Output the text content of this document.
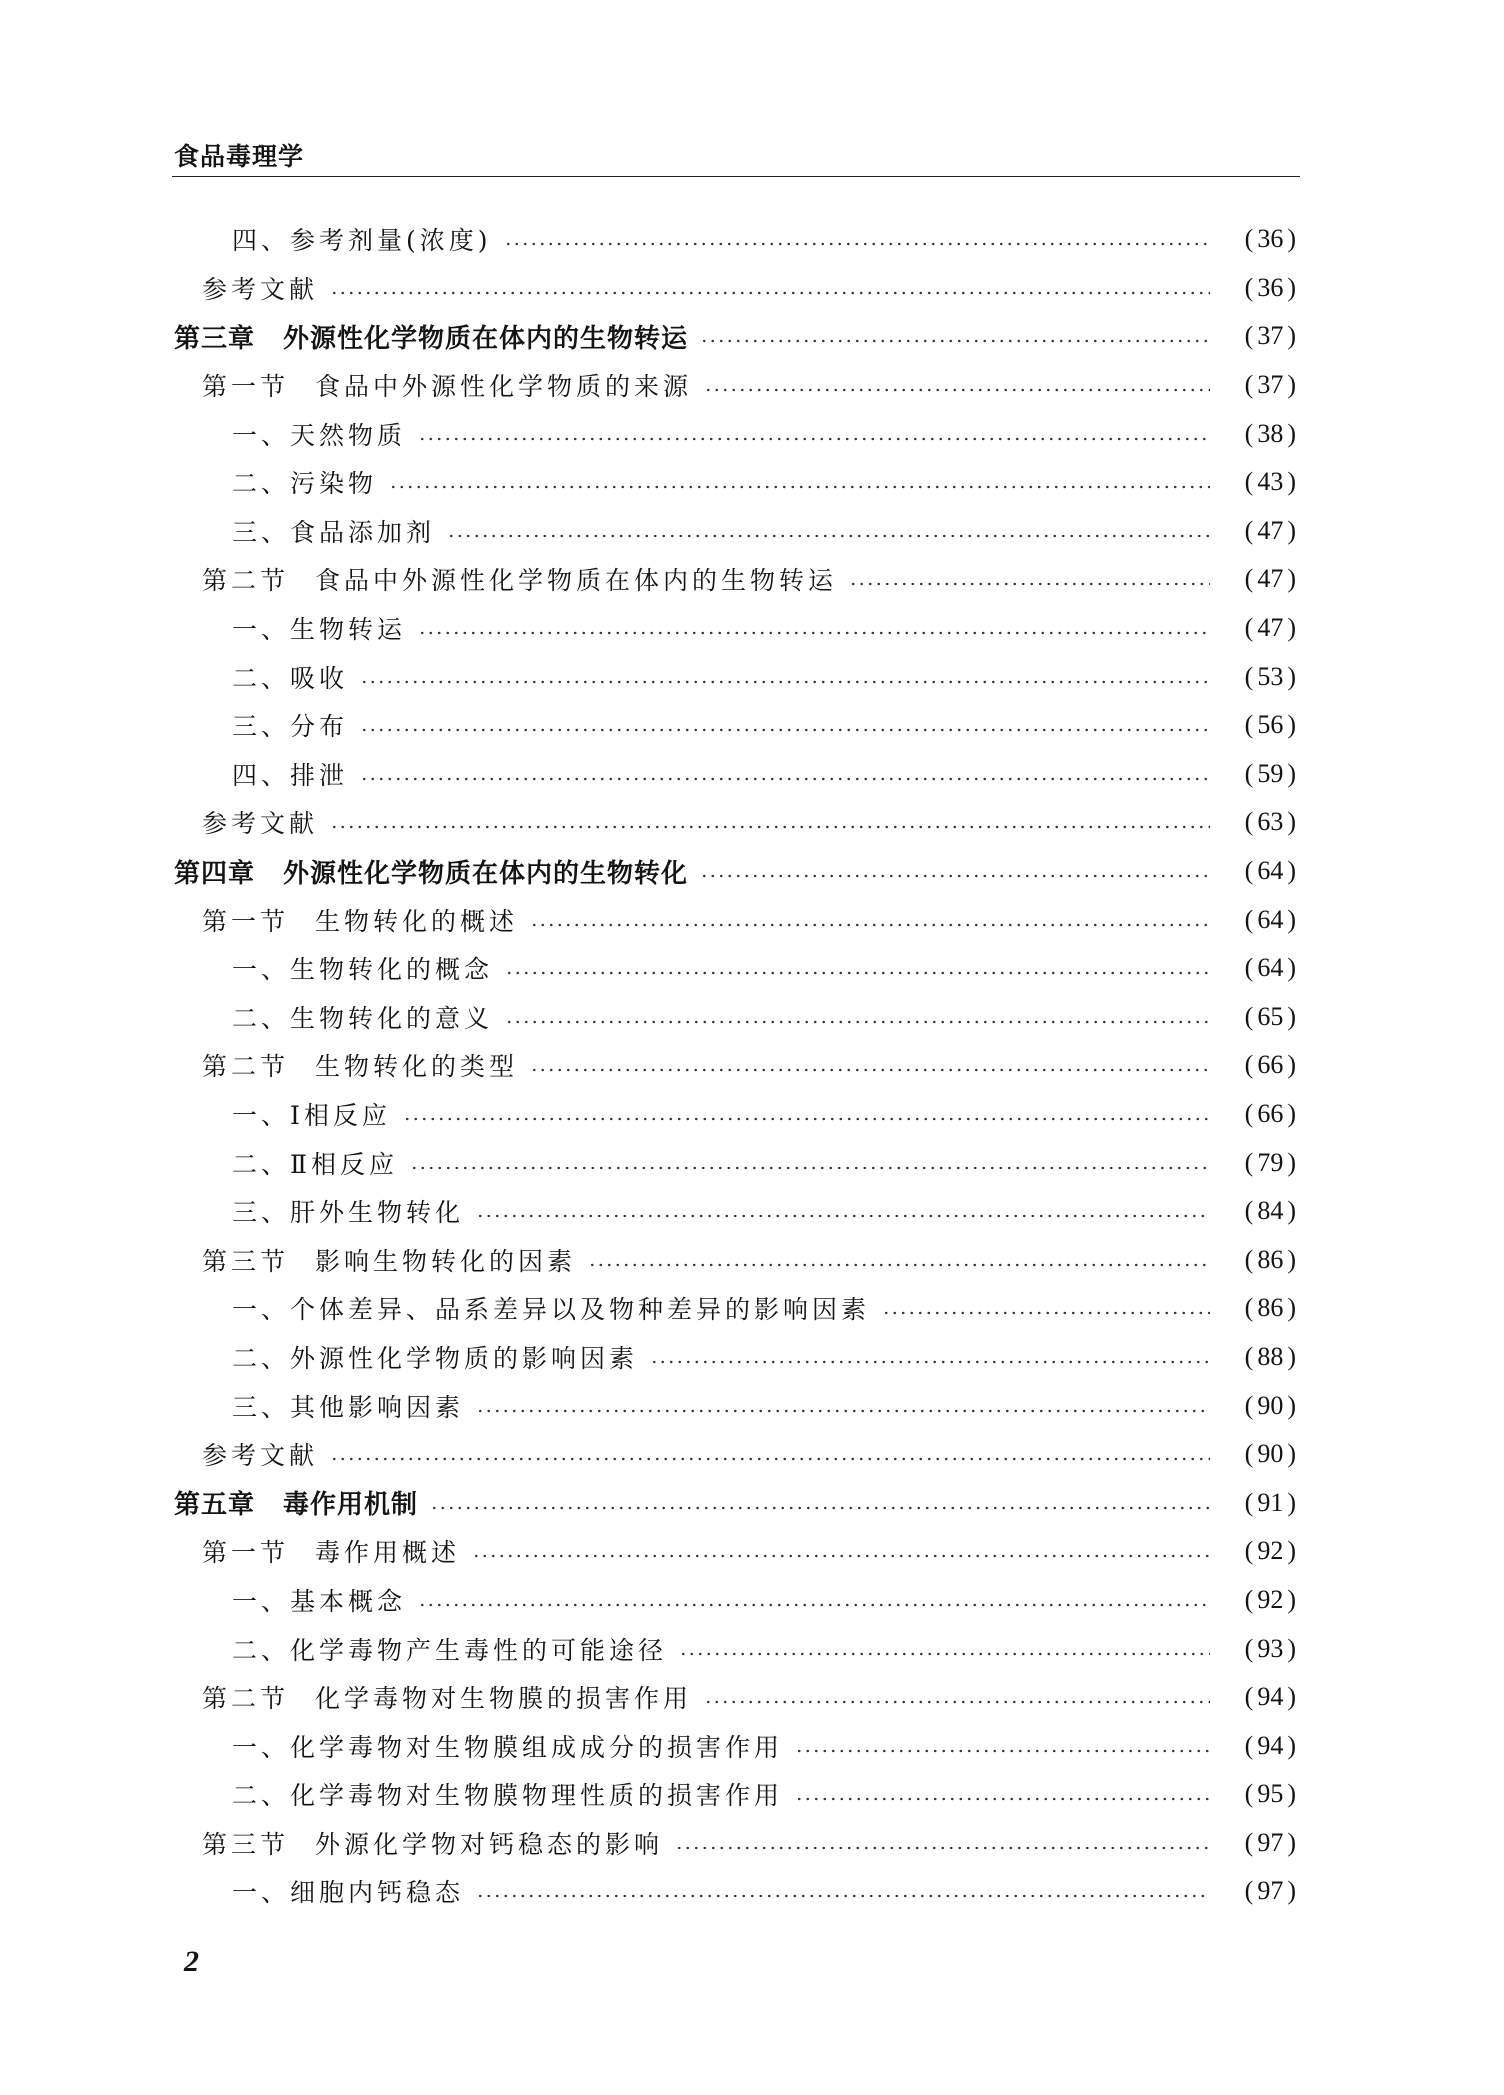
食品毒理学
四、参考剂量(浓度)	( 36 )
参考文献	( 36 )
第三章 外源性化学物质在体内的生物转运	( 37 )
第一节 食品中外源性化学物质的来源	( 37 )
一、天然物质	( 38 )
二、污染物	( 43 )
三、食品添加剂	( 47 )
第二节 食品中外源性化学物质在体内的生物转运	( 47 )
一、生物转运	( 47 )
二、吸收	( 53 )
三、分布	( 56 )
四、排泄	( 59 )
参考文献	( 63 )
第四章 外源性化学物质在体内的生物转化	( 64 )
第一节 生物转化的概述	( 64 )
一、生物转化的概念	( 64 )
二、生物转化的意义	( 65 )
第二节 生物转化的类型	( 66 )
一、Ⅰ相反应	( 66 )
二、Ⅱ相反应	( 79 )
三、肝外生物转化	( 84 )
第三节 影响生物转化的因素	( 86 )
一、个体差异、品系差异以及物种差异的影响因素	( 86 )
二、外源性化学物质的影响因素	( 88 )
三、其他影响因素	( 90 )
参考文献	( 90 )
第五章 毒作用机制	( 91 )
第一节 毒作用概述	( 92 )
一、基本概念	( 92 )
二、化学毒物产生毒性的可能途径	( 93 )
第二节 化学毒物对生物膜的损害作用	( 94 )
一、化学毒物对生物膜组成成分的损害作用	( 94 )
二、化学毒物对生物膜物理性质的损害作用	( 95 )
第三节 外源化学物对钙稳态的影响	( 97 )
一、细胞内钙稳态	( 97 )
2
